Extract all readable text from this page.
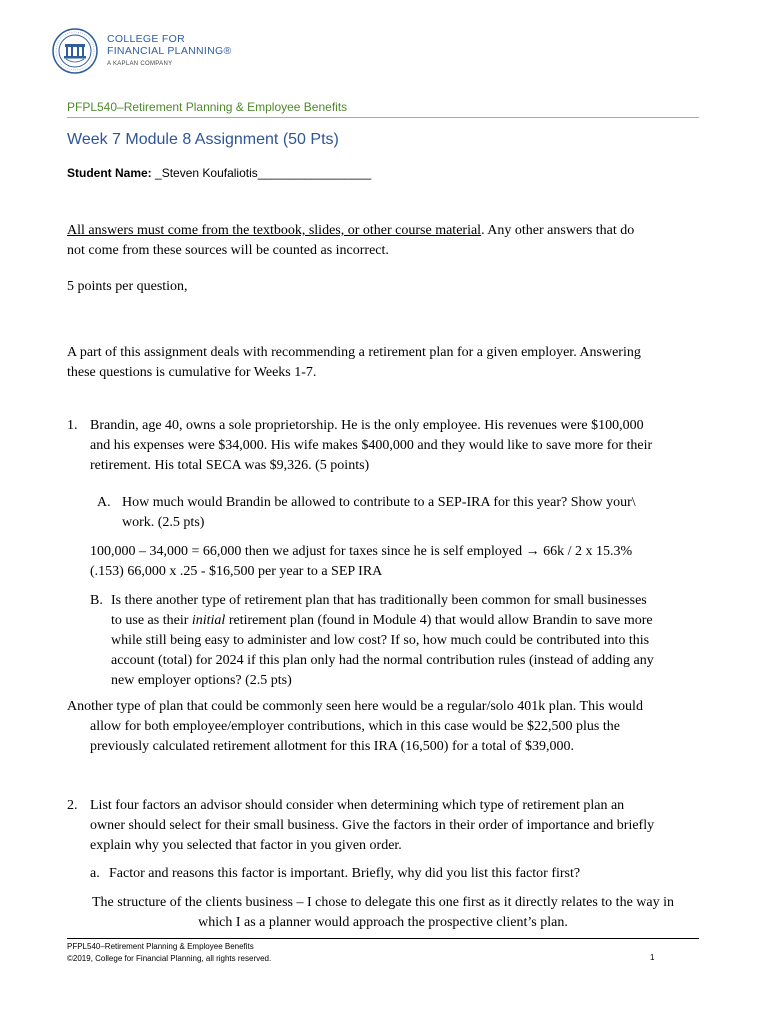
COLLEGE FOR
FINANCIAL PLANNING®
A KAPLAN COMPANY
PFPL540–Retirement Planning & Employee Benefits
Week 7 Module 8 Assignment (50 Pts)
Student Name: _Steven Koufaliotis_________________
All answers must come from the textbook, slides, or other course material. Any other answers that do
not come from these sources will be counted as incorrect.
5 points per question,
A part of this assignment deals with recommending a retirement plan for a given employer. Answering
these questions is cumulative for Weeks 1-7.
1. Brandin, age 40, owns a sole proprietorship. He is the only employee. His revenues were $100,000
and his expenses were $34,000. His wife makes $400,000 and they would like to save more for their
retirement. His total SECA was $9,326. (5 points)
A. How much would Brandin be allowed to contribute to a SEP-IRA for this year? Show your\
work. (2.5 pts)
100,000 – 34,000 = 66,000 then we adjust for taxes since he is self employed → 66k / 2 x 15.3%
(.153) 66,000 x .25 - $16,500 per year to a SEP IRA
B. Is there another type of retirement plan that has traditionally been common for small businesses
to use as their initial retirement plan (found in Module 4) that would allow Brandin to save more
while still being easy to administer and low cost? If so, how much could be contributed into this
account (total) for 2024 if this plan only had the normal contribution rules (instead of adding any
new employer options? (2.5 pts)
Another type of plan that could be commonly seen here would be a regular/solo 401k plan. This would
allow for both employee/employer contributions, which in this case would be $22,500 plus the
previously calculated retirement allotment for this IRA (16,500) for a total of $39,000.
2. List four factors an advisor should consider when determining which type of retirement plan an
owner should select for their small business. Give the factors in their order of importance and briefly
explain why you selected that factor in you given order.
a. Factor and reasons this factor is important. Briefly, why did you list this factor first?
The structure of the clients business – I chose to delegate this one first as it directly relates to the way in
which I as a planner would approach the prospective client’s plan.
PFPL540–Retirement Planning & Employee Benefits
©2019, College for Financial Planning, all rights reserved.	1
